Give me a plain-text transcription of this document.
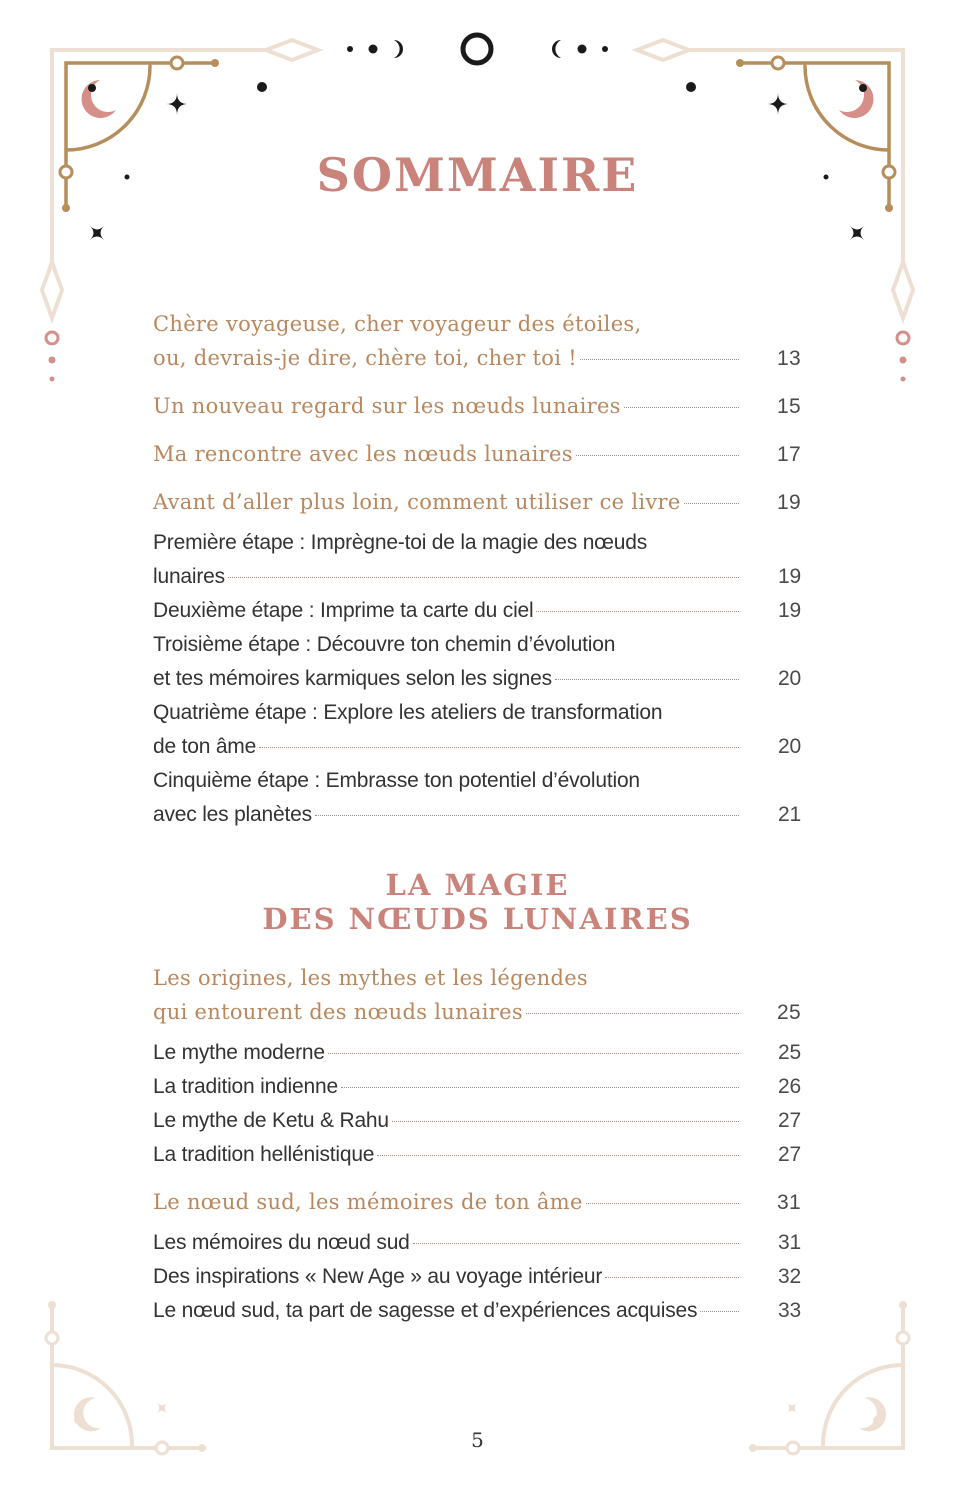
SOMMAIRE
Chère voyageuse, cher voyageur des étoiles,
ou, devrais-je dire, chère toi, cher toi !	13
Un nouveau regard sur les nœuds lunaires	15
Ma rencontre avec les nœuds lunaires	17
Avant d’aller plus loin, comment utiliser ce livre	19
Première étape : Imprègne-toi de la magie des nœuds
lunaires	19
Deuxième étape : Imprime ta carte du ciel	19
Troisième étape : Découvre ton chemin d’évolution
et tes mémoires karmiques selon les signes	20
Quatrième étape : Explore les ateliers de transformation
de ton âme	20
Cinquième étape : Embrasse ton potentiel d’évolution
avec les planètes	21
LA MAGIE
DES NŒUDS LUNAIRES
Les origines, les mythes et les légendes
qui entourent des nœuds lunaires	25
Le mythe moderne	25
La tradition indienne	26
Le mythe de Ketu & Rahu	27
La tradition hellénistique	27
Le nœud sud, les mémoires de ton âme	31
Les mémoires du nœud sud	31
Des inspirations « New Age » au voyage intérieur	32
Le nœud sud, ta part de sagesse et d’expériences acquises	33
5
